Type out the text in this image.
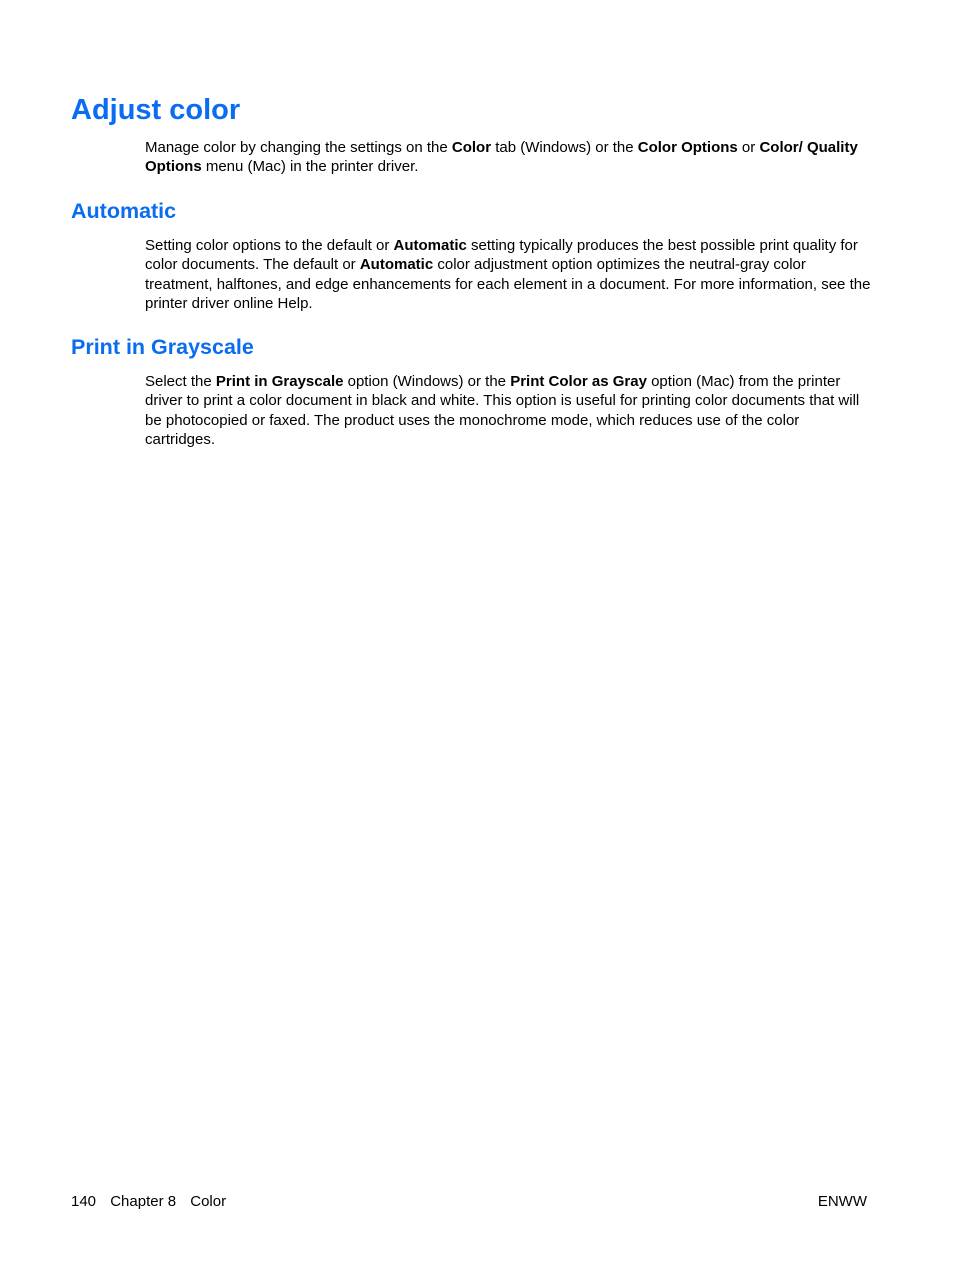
Adjust color

Manage color by changing the settings on the Color tab (Windows) or the Color Options or Color/ Quality Options menu (Mac) in the printer driver.

Automatic

Setting color options to the default or Automatic setting typically produces the best possible print quality for color documents. The default or Automatic color adjustment option optimizes the neutral-gray color treatment, halftones, and edge enhancements for each element in a document. For more information, see the printer driver online Help.

Print in Grayscale

Select the Print in Grayscale option (Windows) or the Print Color as Gray option (Mac) from the printer driver to print a color document in black and white. This option is useful for printing color documents that will be photocopied or faxed. The product uses the monochrome mode, which reduces use of the color cartridges.

140 Chapter 8 Color	ENWW
